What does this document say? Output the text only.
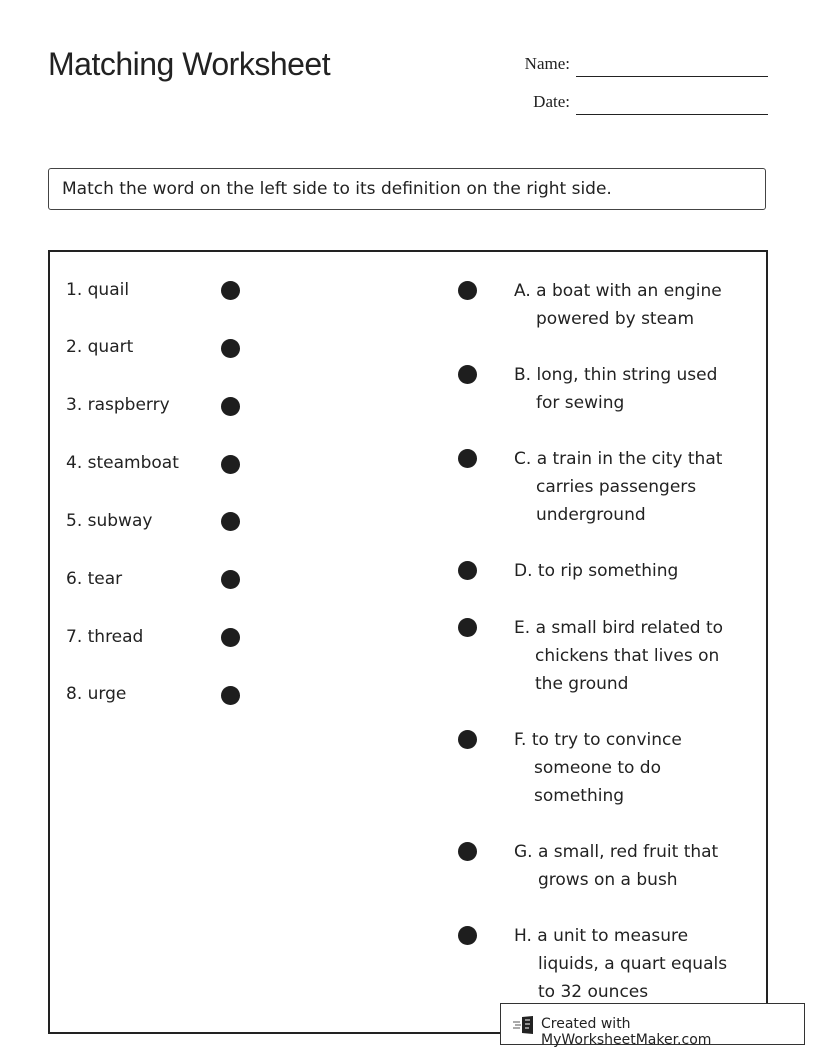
Matching Worksheet	Name:
Date:
Match the word on the left side to its definition on the right side.
1. quail
2. quart
3. raspberry
4. steamboat
5. subway
6. tear
7. thread
8. urge
A. a boat with an engine
powered by steam
B. long, thin string used
for sewing
C. a train in the city that
carries passengers
underground
D. to rip something
E. a small bird related to
chickens that lives on
the ground
F. to try to convince
someone to do
something
G. a small, red fruit that
grows on a bush
H. a unit to measure
liquids, a quart equals
to 32 ounces
Created with MyWorksheetMaker.com
